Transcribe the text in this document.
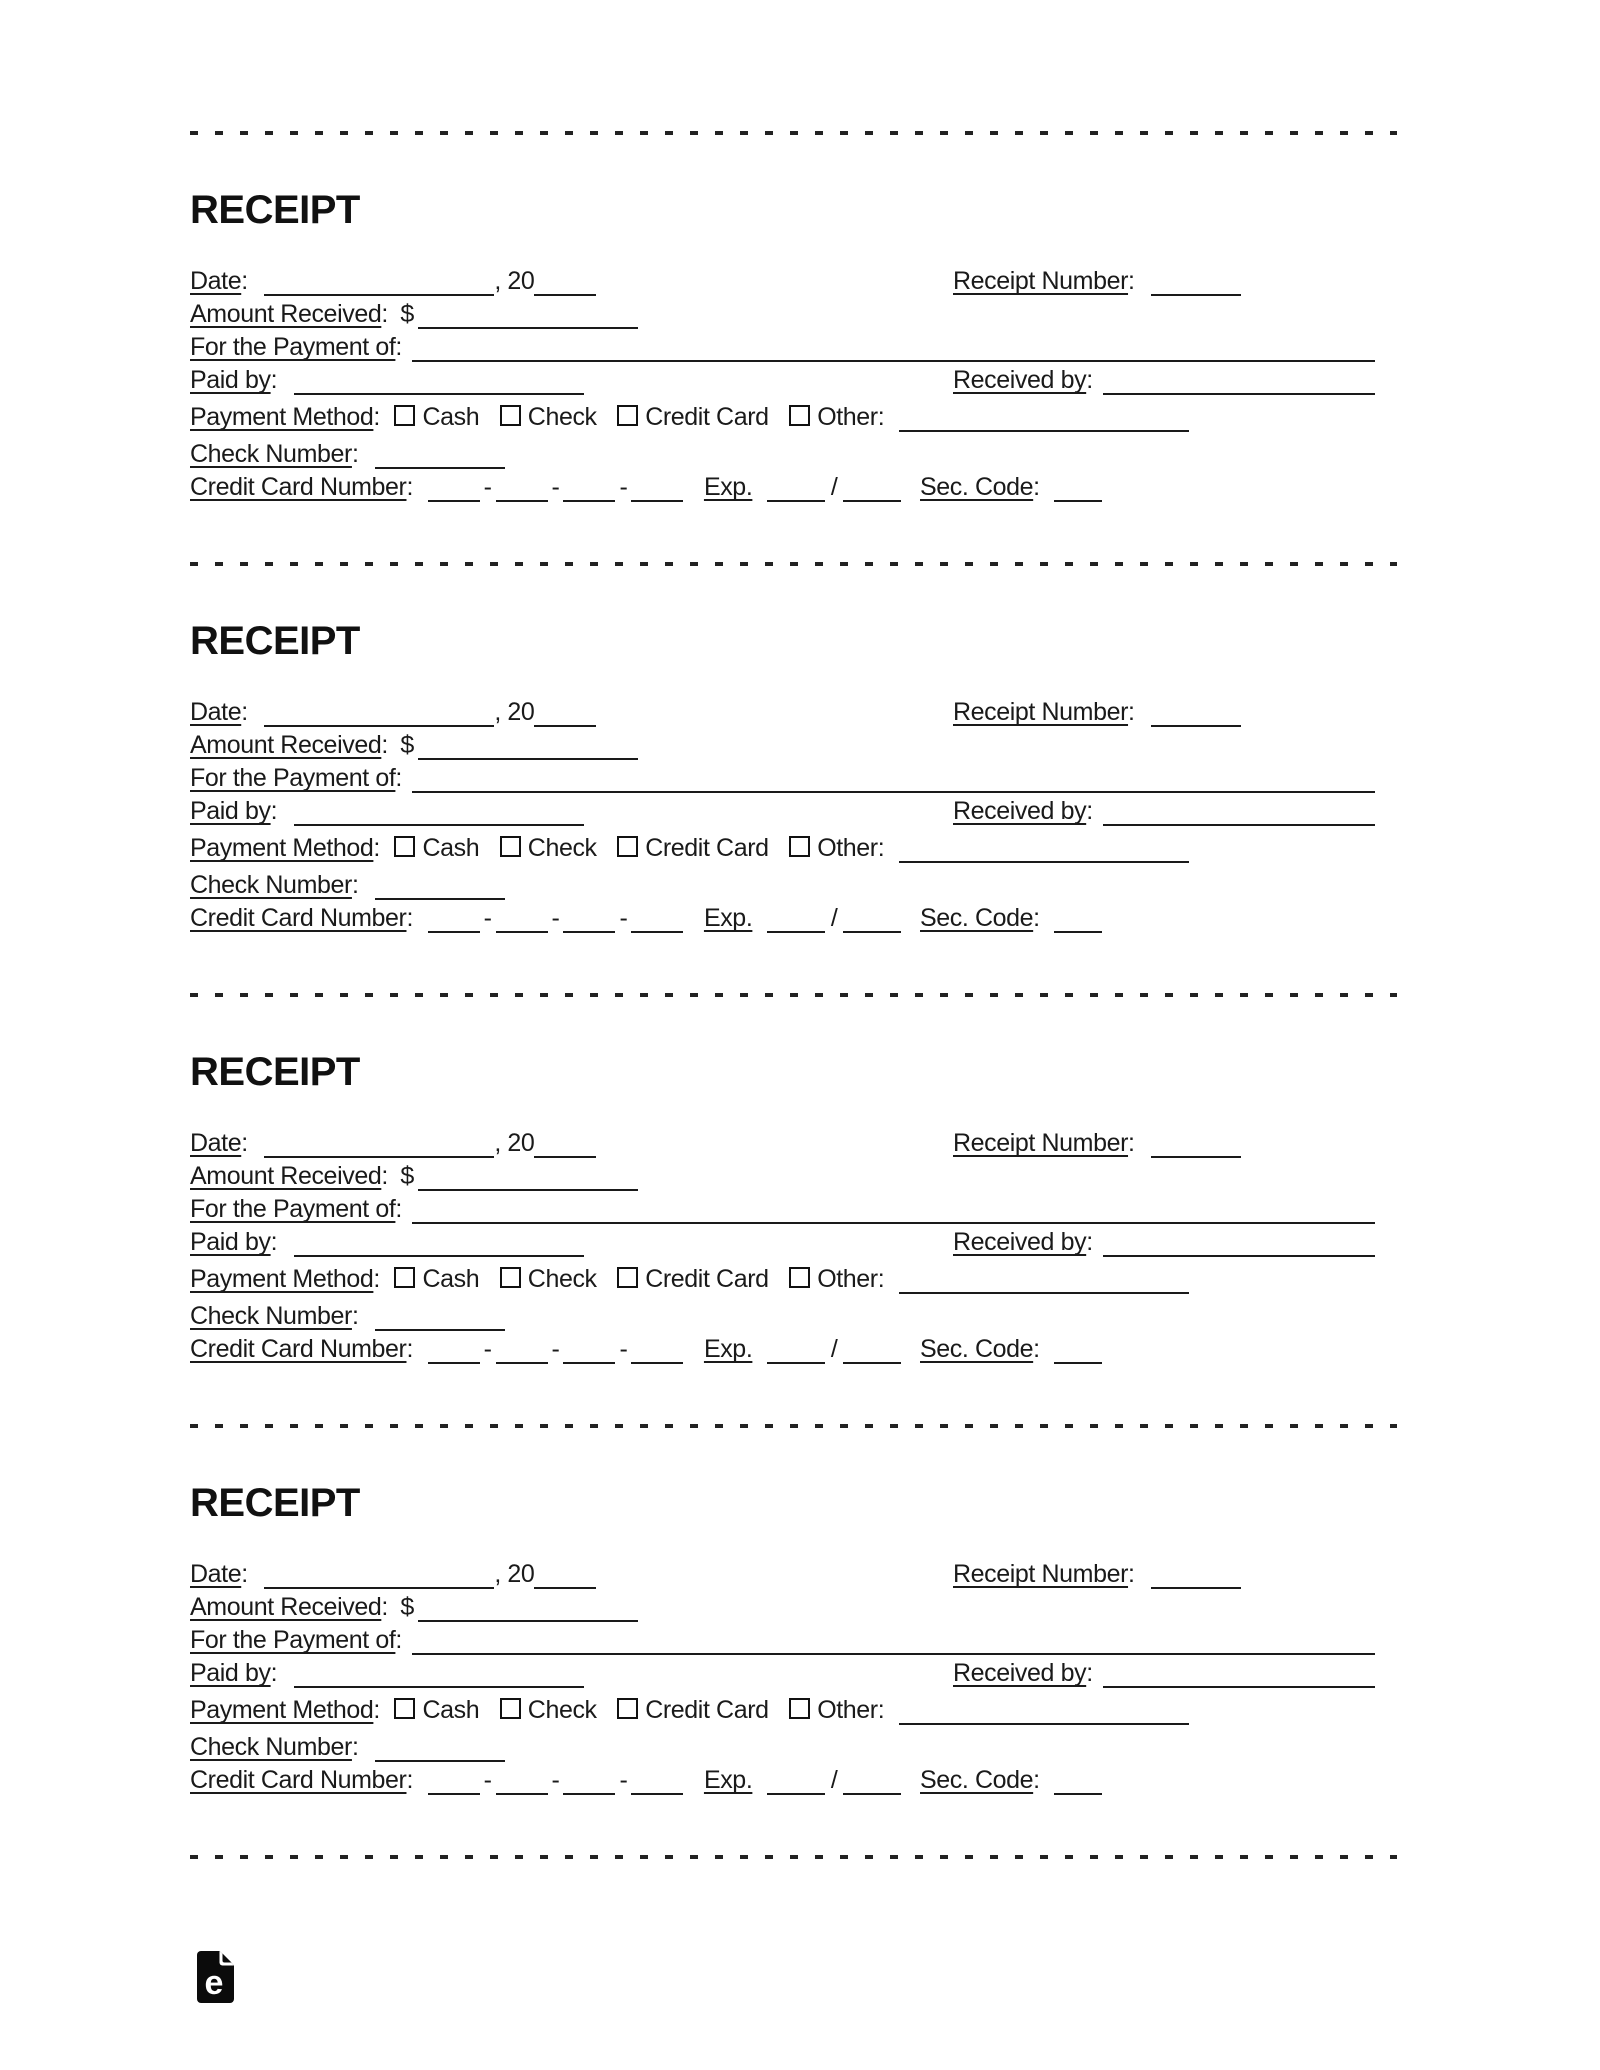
RECEIPT
Date:	, 20	Receipt Number:
Amount Received: $
For the Payment of:
Paid by:	Received by:
Payment Method: Cash Check Credit Card Other:
Check Number:
Credit Card Number:	- - -	Exp.	/	Sec. Code:
RECEIPT
Date:	, 20	Receipt Number:
Amount Received: $
For the Payment of:
Paid by:	Received by:
Payment Method: Cash Check Credit Card Other:
Check Number:
Credit Card Number:	- - -	Exp.	/	Sec. Code:
RECEIPT
Date:	, 20	Receipt Number:
Amount Received: $
For the Payment of:
Paid by:	Received by:
Payment Method: Cash Check Credit Card Other:
Check Number:
Credit Card Number:	- - -	Exp.	/	Sec. Code:
RECEIPT
Date:	, 20	Receipt Number:
Amount Received: $
For the Payment of:
Paid by:	Received by:
Payment Method: Cash Check Credit Card Other:
Check Number:
Credit Card Number:	- - -	Exp.	/	Sec. Code:
e
